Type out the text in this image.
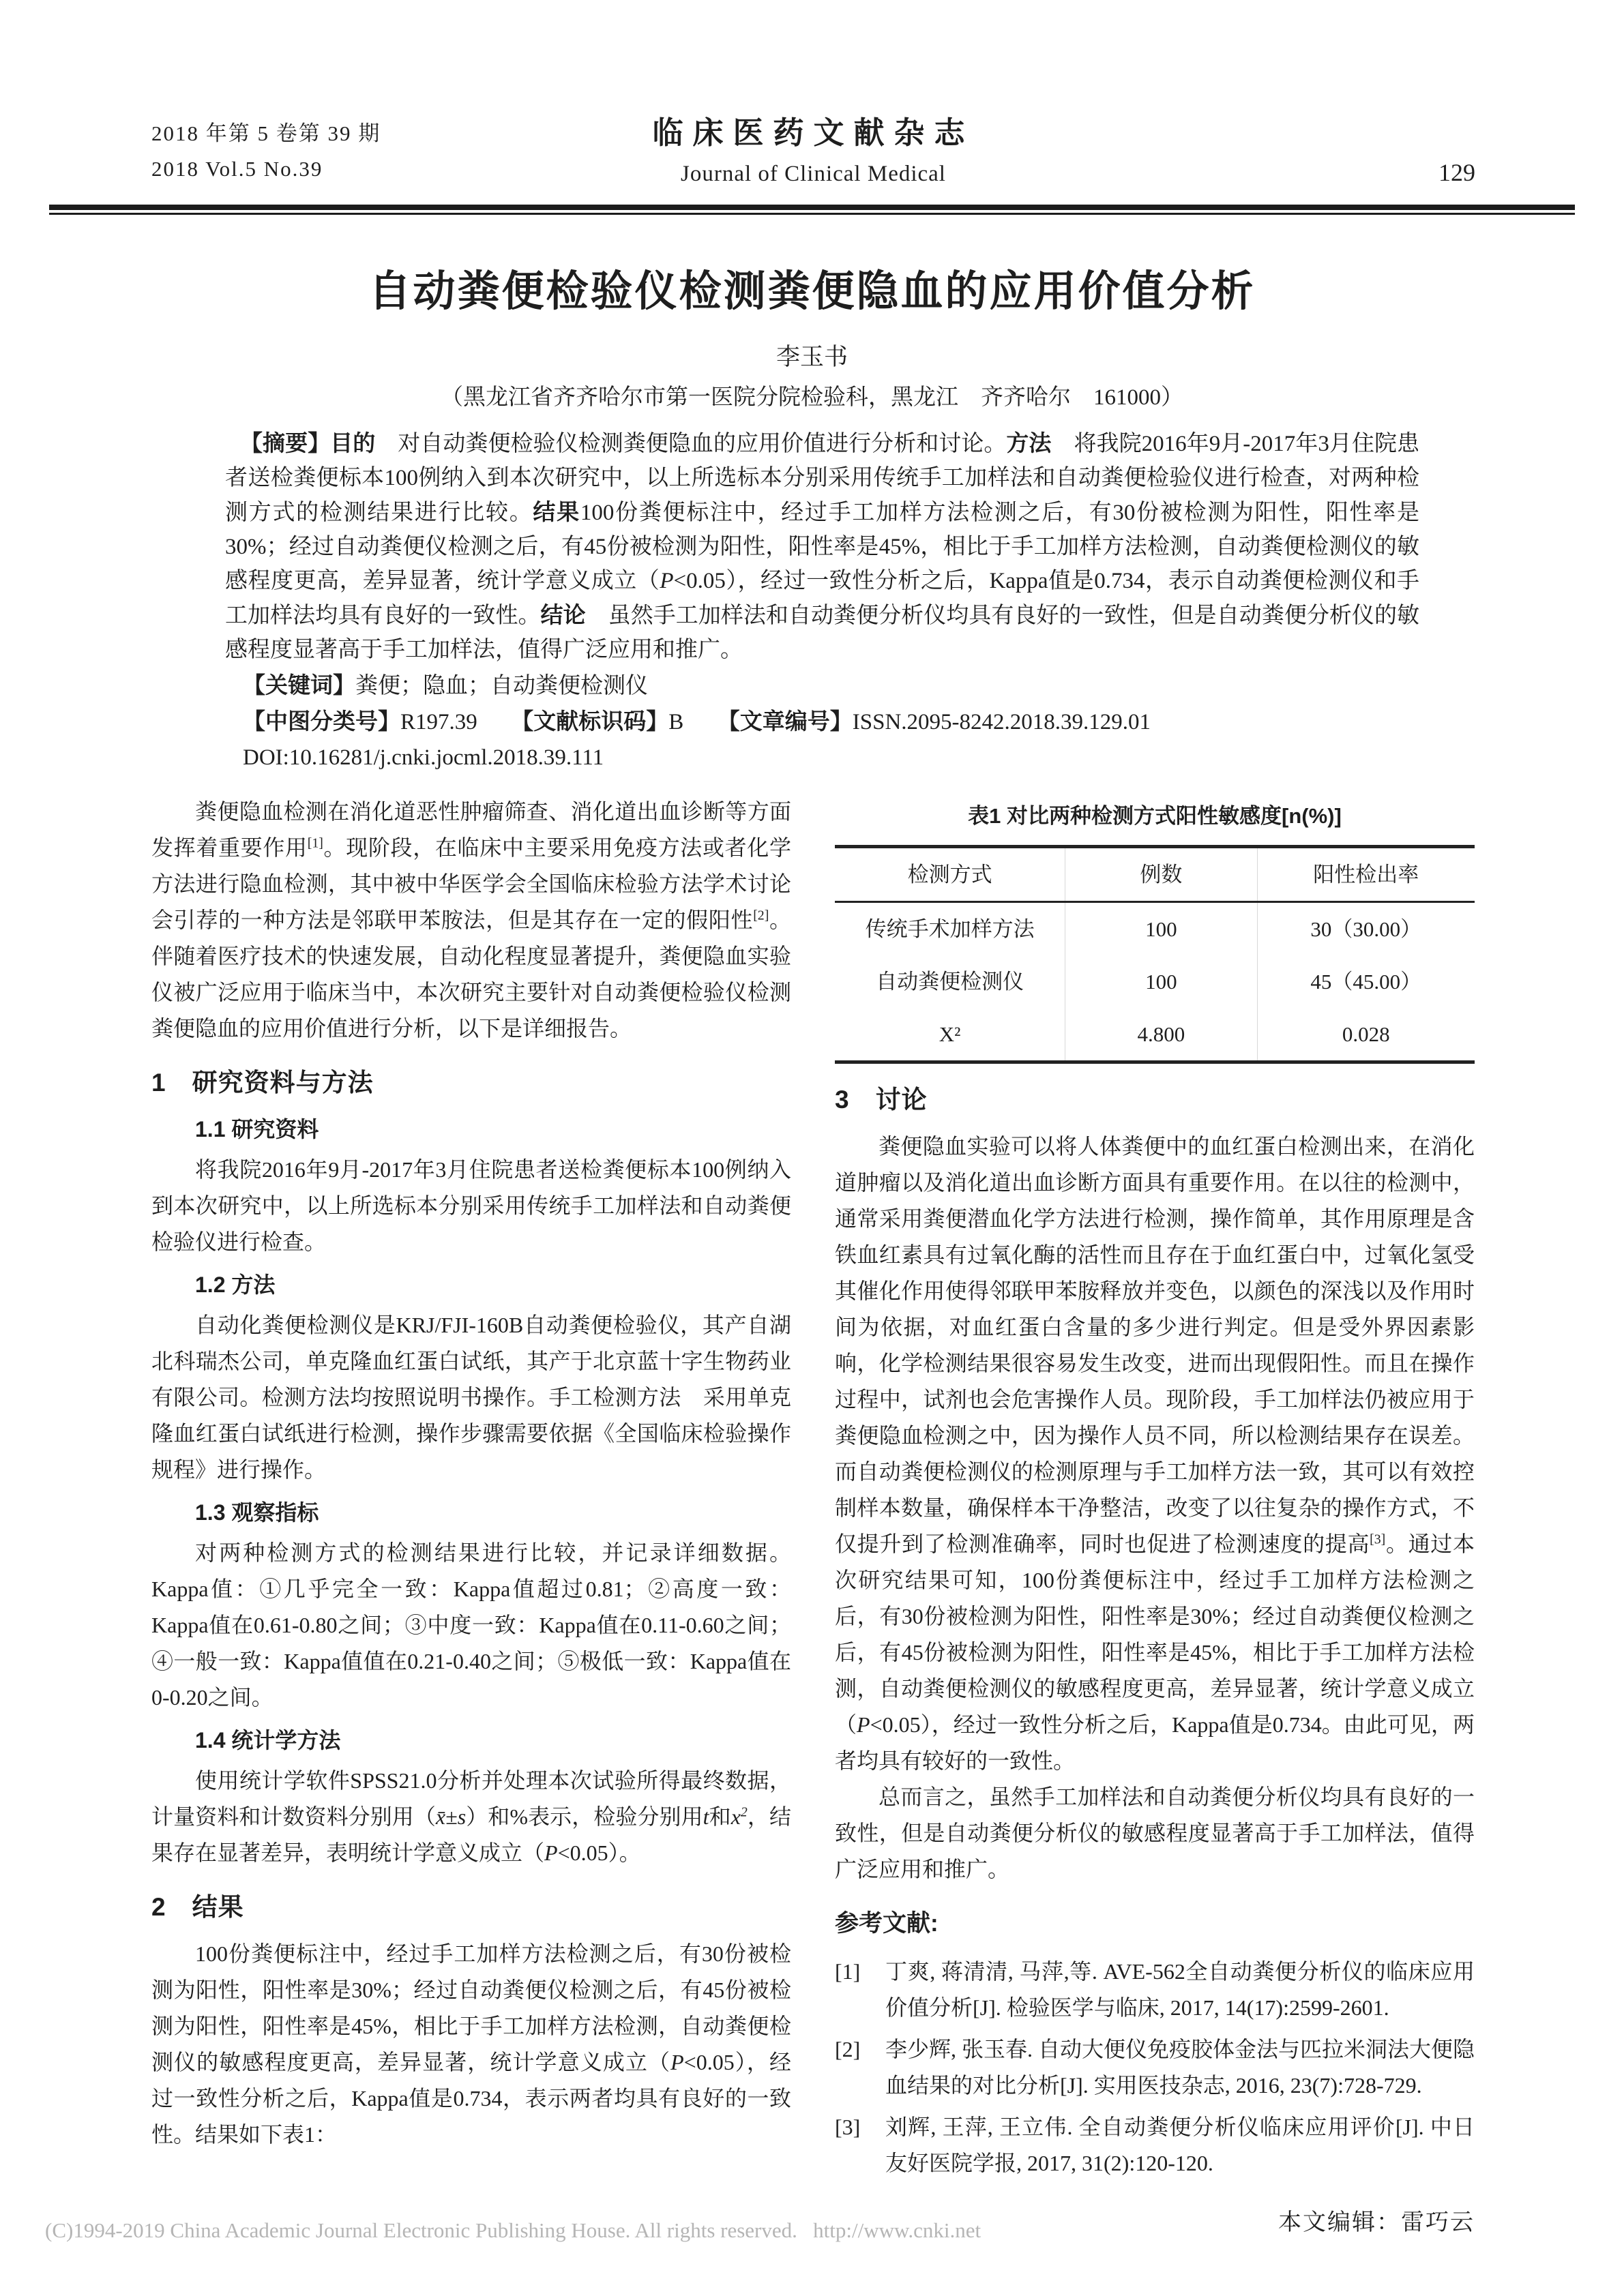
2018 年第 5 卷第 39 期
2018 Vol.5 No.39
临床医药文献杂志
Journal of Clinical Medical	129
自动粪便检验仪检测粪便隐血的应用价值分析
李玉书
（黑龙江省齐齐哈尔市第一医院分院检验科，黑龙江　齐齐哈尔　161000）

【摘要】目的　对自动粪便检验仪检测粪便隐血的应用价值进行分析和讨论。方法　将我院2016年9月-2017年3月住院患者送检粪便标本100例纳入到本次研究中，以上所选标本分别采用传统手工加样法和自动粪便检验仪进行检查，对两种检测方式的检测结果进行比较。结果100份粪便标注中，经过手工加样方法检测之后，有30份被检测为阳性，阳性率是30%；经过自动粪便仪检测之后，有45份被检测为阳性，阳性率是45%，相比于手工加样方法检测，自动粪便检测仪的敏感程度更高，差异显著，统计学意义成立（P<0.05），经过一致性分析之后，Kappa值是0.734，表示自动粪便检测仪和手工加样法均具有良好的一致性。结论　虽然手工加样法和自动粪便分析仪均具有良好的一致性，但是自动粪便分析仪的敏感程度显著高于手工加样法，值得广泛应用和推广。

【关键词】粪便；隐血；自动粪便检测仪

【中图分类号】R197.39　　【文献标识码】B　　【文章编号】ISSN.2095-8242.2018.39.129.01

DOI:10.16281/j.cnki.jocml.2018.39.111

粪便隐血检测在消化道恶性肿瘤筛查、消化道出血诊断等方面发挥着重要作用[1]。现阶段，在临床中主要采用免疫方法或者化学方法进行隐血检测，其中被中华医学会全国临床检验方法学术讨论会引荐的一种方法是邻联甲苯胺法，但是其存在一定的假阳性[2]。伴随着医疗技术的快速发展，自动化程度显著提升，粪便隐血实验仪被广泛应用于临床当中，本次研究主要针对自动粪便检验仪检测粪便隐血的应用价值进行分析，以下是详细报告。

1　研究资料与方法
1.1 研究资料

将我院2016年9月-2017年3月住院患者送检粪便标本100例纳入到本次研究中，以上所选标本分别采用传统手工加样法和自动粪便检验仪进行检查。

1.2 方法

自动化粪便检测仪是KRJ/FJI-160B自动粪便检验仪，其产自湖北科瑞杰公司，单克隆血红蛋白试纸，其产于北京蓝十字生物药业有限公司。检测方法均按照说明书操作。手工检测方法　采用单克隆血红蛋白试纸进行检测，操作步骤需要依据《全国临床检验操作规程》进行操作。

1.3 观察指标

对两种检测方式的检测结果进行比较，并记录详细数据。Kappa值：①几乎完全一致：Kappa值超过0.81；②高度一致：Kappa值在0.61-0.80之间；③中度一致：Kappa值在0.11-0.60之间；④一般一致：Kappa值值在0.21-0.40之间；⑤极低一致：Kappa值在0-0.20之间。

1.4 统计学方法

使用统计学软件SPSS21.0分析并处理本次试验所得最终数据，计量资料和计数资料分别用（x̄±s）和%表示，检验分别用t和$x^2$，结果存在显著差异，表明统计学意义成立（P<0.05）。

2　结果

100份粪便标注中，经过手工加样方法检测之后，有30份被检测为阳性，阳性率是30%；经过自动粪便仪检测之后，有45份被检测为阳性，阳性率是45%，相比于手工加样方法检测，自动粪便检测仪的敏感程度更高，差异显著，统计学意义成立（P<0.05），经过一致性分析之后，Kappa值是0.734，表示两者均具有良好的一致性。结果如下表1：

表1 对比两种检测方式阳性敏感度[n(%)]
检测方式	例数	阳性检出率
传统手术加样方法	100	30（30.00）
自动粪便检测仪	100	45（45.00）
X²	4.800	0.028
3　讨论

粪便隐血实验可以将人体粪便中的血红蛋白检测出来，在消化道肿瘤以及消化道出血诊断方面具有重要作用。在以往的检测中，通常采用粪便潜血化学方法进行检测，操作简单，其作用原理是含铁血红素具有过氧化酶的活性而且存在于血红蛋白中，过氧化氢受其催化作用使得邻联甲苯胺释放并变色，以颜色的深浅以及作用时间为依据，对血红蛋白含量的多少进行判定。但是受外界因素影响，化学检测结果很容易发生改变，进而出现假阳性。而且在操作过程中，试剂也会危害操作人员。现阶段，手工加样法仍被应用于粪便隐血检测之中，因为操作人员不同，所以检测结果存在误差。而自动粪便检测仪的检测原理与手工加样方法一致，其可以有效控制样本数量，确保样本干净整洁，改变了以往复杂的操作方式，不仅提升到了检测准确率，同时也促进了检测速度的提高[3]。通过本次研究结果可知，100份粪便标注中，经过手工加样方法检测之后，有30份被检测为阳性，阳性率是30%；经过自动粪便仪检测之后，有45份被检测为阳性，阳性率是45%，相比于手工加样方法检测，自动粪便检测仪的敏感程度更高，差异显著，统计学意义成立（P<0.05），经过一致性分析之后，Kappa值是0.734。由此可见，两者均具有较好的一致性。

总而言之，虽然手工加样法和自动粪便分析仪均具有良好的一致性，但是自动粪便分析仪的敏感程度显著高于手工加样法，值得广泛应用和推广。

参考文献:
[1]	丁爽, 蒋清清, 马萍,等. AVE-562全自动粪便分析仪的临床应用价值分析[J]. 检验医学与临床, 2017, 14(17):2599-2601.
[2]	李少辉, 张玉春. 自动大便仪免疫胶体金法与匹拉米洞法大便隐血结果的对比分析[J]. 实用医技杂志, 2016, 23(7):728-729.
[3]	刘辉, 王萍, 王立伟. 全自动粪便分析仪临床应用评价[J]. 中日友好医院学报, 2017, 31(2):120-120.
本文编辑：雷巧云
(C)1994-2019 China Academic Journal Electronic Publishing House. All rights reserved.   http://www.cnki.net
